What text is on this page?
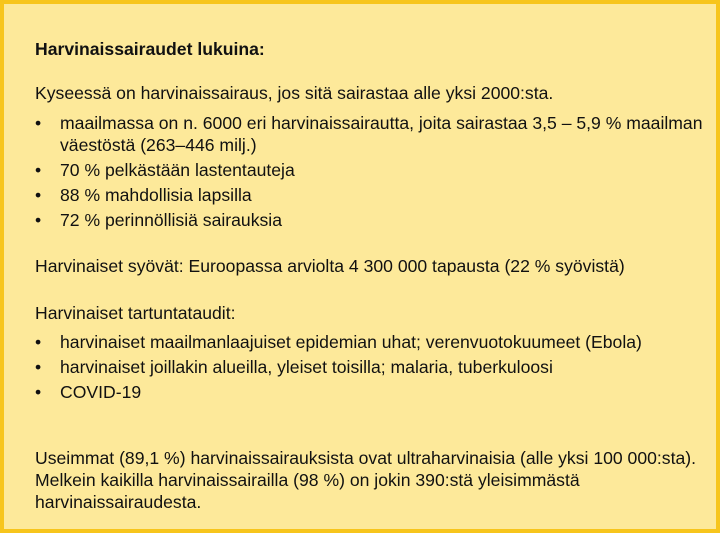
Harvinaissairaudet lukuina:

Kyseessä on harvinaissairaus, jos sitä sairastaa alle yksi 2000:sta.

• maailmassa on n. 6000 eri harvinaissairautta, joita sairastaa 3,5 – 5,9 % maailman väestöstä (263–446 milj.)
• 70 % pelkästään lastentauteja
• 88 % mahdollisia lapsilla
• 72 % perinnöllisiä sairauksia

Harvinaiset syövät: Euroopassa arviolta 4 300 000 tapausta (22 % syövistä)

Harvinaiset tartuntataudit:

• harvinaiset maailmanlaajuiset epidemian uhat; verenvuotokuumeet (Ebola)
• harvinaiset joillakin alueilla, yleiset toisilla; malaria, tuberkuloosi
• COVID-19

Useimmat (89,1 %) harvinaissairauksista ovat ultraharvinaisia (alle yksi 100 000:sta). Melkein kaikilla harvinaissairailla (98 %) on jokin 390:stä yleisimmästä harvinaissairaudesta.
